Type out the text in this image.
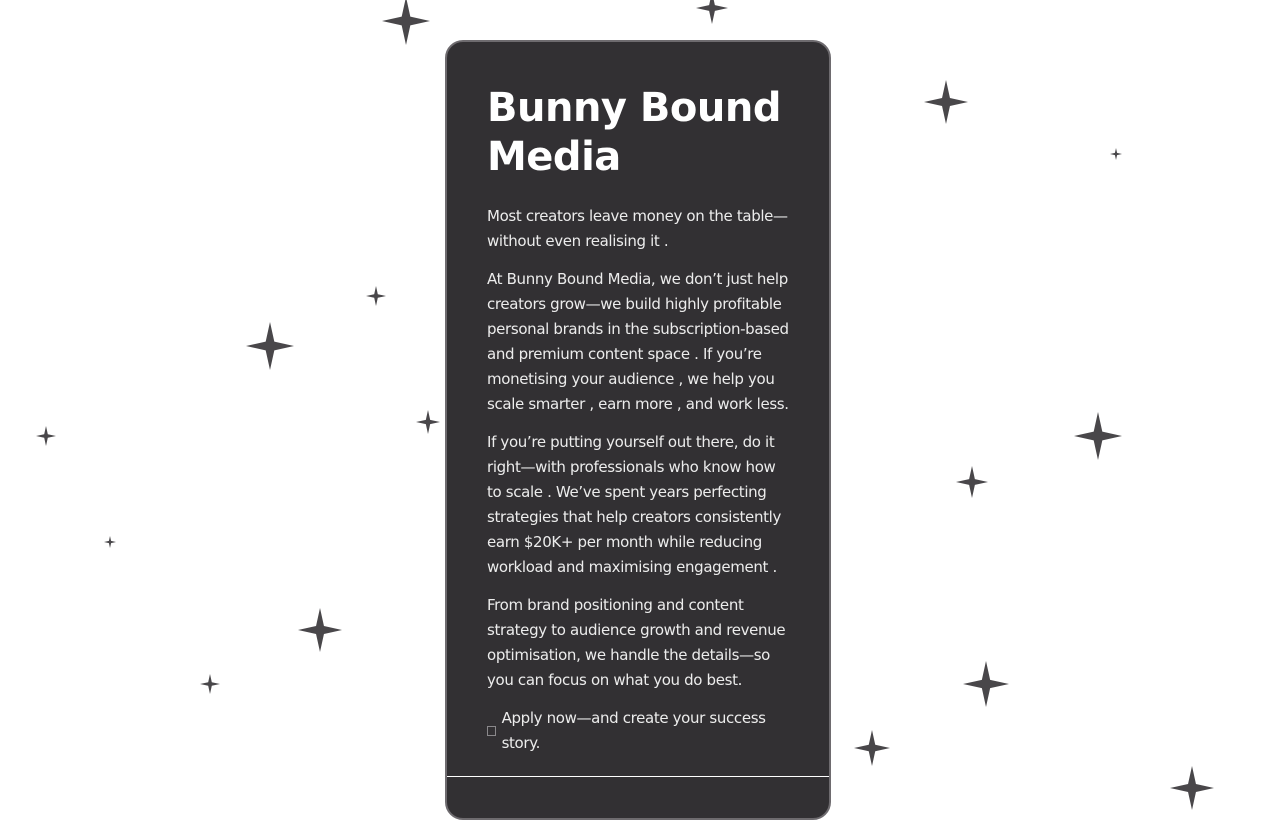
Bunny Bound Media

Most creators leave money on the table—without even realising it .

At Bunny Bound Media, we don’t just help creators grow—we build highly profitable personal brands in the subscription-based and premium content space . If you’re monetising your audience , we help you scale smarter , earn more , and work less.

If you’re putting yourself out there, do it right—with professionals who know how to scale . We’ve spent years perfecting strategies that help creators consistently earn $20K+ per month while reducing workload and maximising engagement .

From brand positioning and content strategy to audience growth and revenue optimisation, we handle the details—so you can focus on what you do best.

Apply now—and create your success story.
